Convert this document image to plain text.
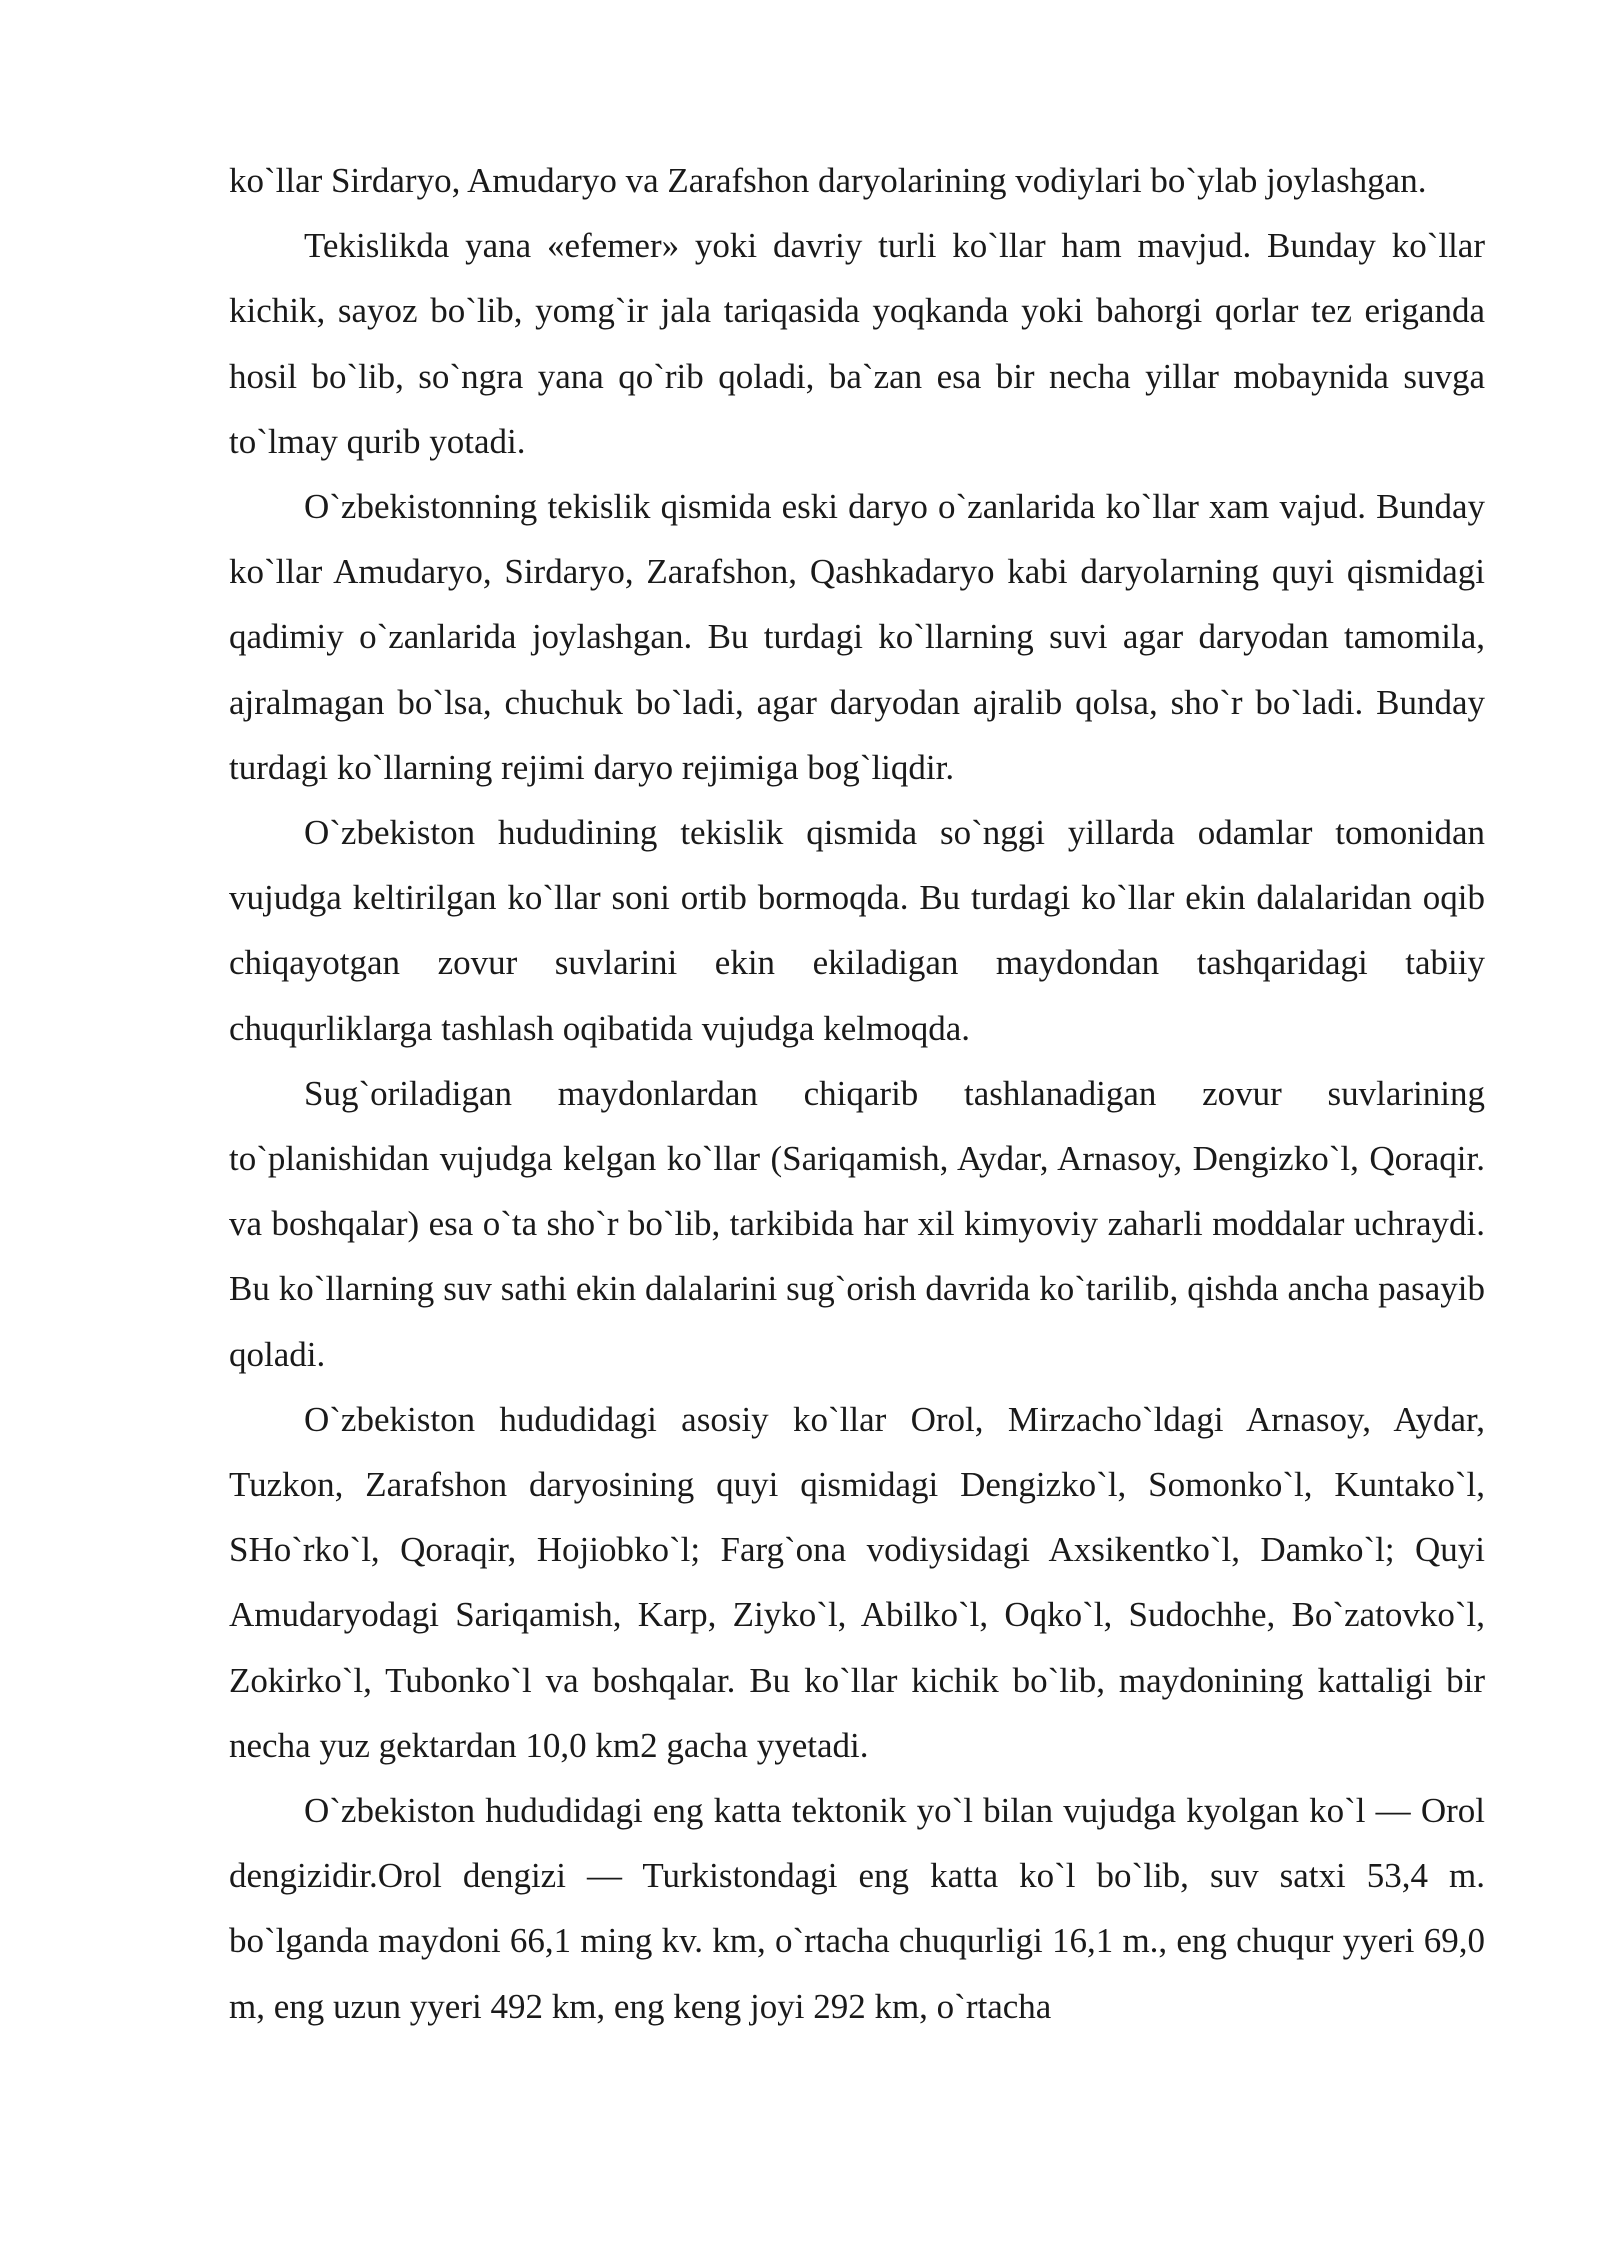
ko`llar Sirdaryo, Amudaryo va Zarafshon daryolarining vodiylari bo`ylab joylashgan.

Tekislikda yana «efemer» yoki davriy turli ko`llar ham mavjud. Bunday ko`llar kichik, sayoz bo`lib, yomg`ir jala tariqasida yoqkanda yoki bahorgi qorlar tez eriganda hosil bo`lib, so`ngra yana qo`rib qoladi, ba`zan esa bir necha yillar mobaynida suvga to`lmay qurib yotadi.

O`zbekistonning tekislik qismida eski daryo o`zanlarida ko`llar xam vajud. Bunday ko`llar Amudaryo, Sirdaryo, Zarafshon, Qashkadaryo kabi daryolarning quyi qismidagi qadimiy o`zanlarida joylashgan. Bu turdagi ko`llarning suvi agar daryodan tamomila, ajralmagan bo`lsa, chuchuk bo`ladi, agar daryodan ajralib qolsa, sho`r bo`ladi. Bunday turdagi ko`llarning rejimi daryo rejimiga bog`liqdir.

O`zbekiston hududining tekislik qismida so`nggi yillarda odamlar tomonidan vujudga keltirilgan ko`llar soni ortib bormoqda. Bu turdagi ko`llar ekin dalalaridan oqib chiqayotgan zovur suvlarini ekin ekiladigan maydondan tashqaridagi tabiiy chuqurliklarga tashlash oqibatida vujudga kelmoqda.

Sug`oriladigan maydonlardan chiqarib tashlanadigan zovur suvlarining to`planishidan vujudga kelgan ko`llar (Sariqamish, Aydar, Arnasoy, Dengizko`l, Qoraqir. va boshqalar) esa o`ta sho`r bo`lib, tarkibida har xil kimyoviy zaharli moddalar uchraydi. Bu ko`llarning suv sathi ekin dalalarini sug`orish davrida ko`tarilib, qishda ancha pasayib qoladi.

O`zbekiston hududidagi asosiy ko`llar Orol, Mirzacho`ldagi Arnasoy, Aydar, Tuzkon, Zarafshon daryosining quyi qismidagi Dengizko`l, Somonko`l, Kuntako`l, SHo`rko`l, Qoraqir, Hojiobko`l; Farg`ona vodiysidagi Axsikentko`l, Damko`l; Quyi Amudaryodagi Sariqamish, Karp, Ziyko`l, Abilko`l, Oqko`l, Sudochhe, Bo`zatovko`l, Zokirko`l, Tubonko`l va boshqalar. Bu ko`llar kichik bo`lib, maydonining kattaligi bir necha yuz gektardan 10,0 km2 gacha yyetadi.

O`zbekiston hududidagi eng katta tektonik yo`l bilan vujudga kyolgan ko`l — Orol dengizidir.Orol dengizi — Turkistondagi eng katta ko`l bo`lib, suv satxi 53,4 m. bo`lganda maydoni 66,1 ming kv. km, o`rtacha chuqurligi 16,1 m., eng chuqur yyeri 69,0 m, eng uzun yyeri 492 km, eng keng joyi 292 km, o`rtacha
